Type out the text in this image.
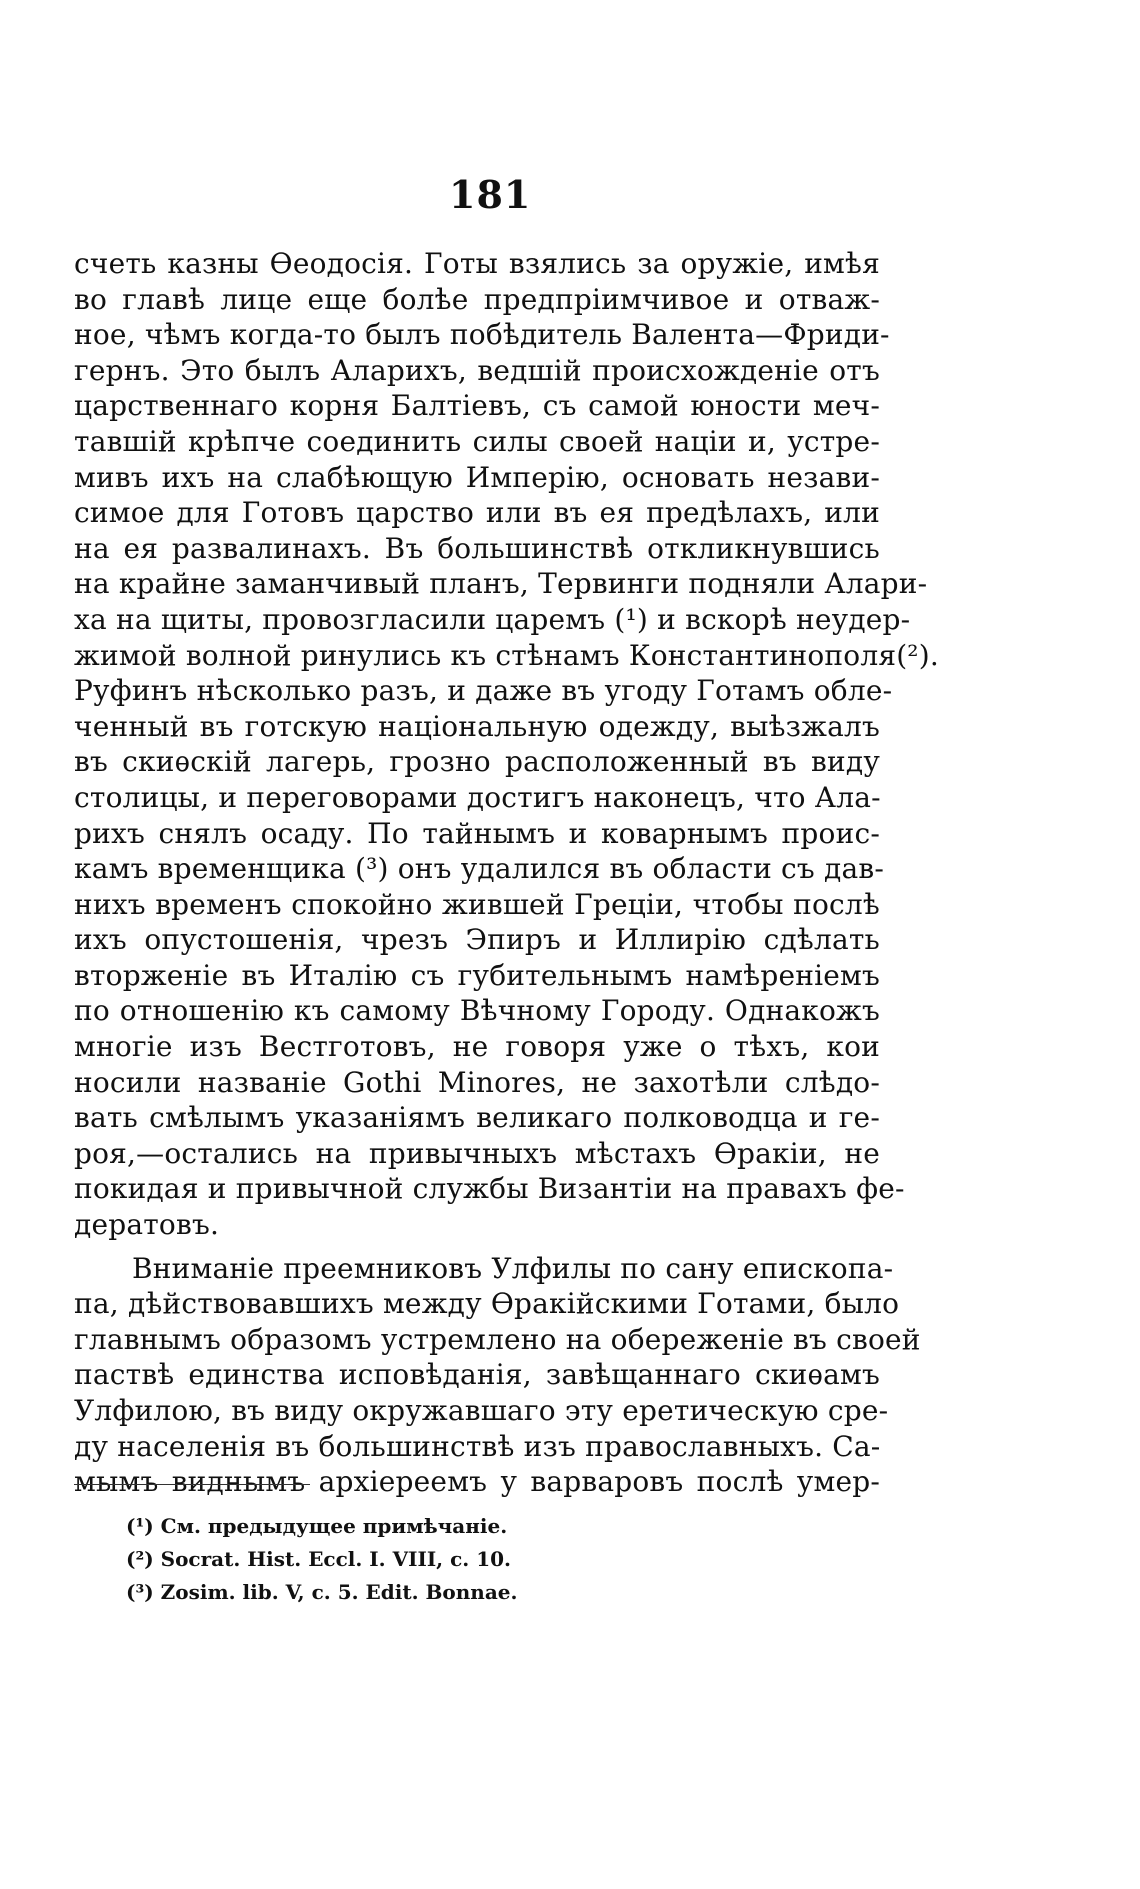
181
счеть казны Өеодосія. Готы взялись за оружіе, имѣя
во главѣ лице еще болѣе предпріимчивое и отваж-
ное, чѣмъ когда-то былъ побѣдитель Валента—Фриди-
гернъ. Это былъ Аларихъ, ведшій происхожденіе отъ
царственнаго корня Балтіевъ, съ самой юности меч-
тавшій крѣпче соединить силы своей націи и, устре-
мивъ ихъ на слабѣющую Имперію, основать незави-
симое для Готовъ царство или въ ея предѣлахъ, или
на ея развалинахъ. Въ большинствѣ откликнувшись
на крайне заманчивый планъ, Тервинги подняли Алари-
ха на щиты, провозгласили царемъ (¹) и вскорѣ неудер-
жимой волной ринулись къ стѣнамъ Константинополя(²).
Руфинъ нѣсколько разъ, и даже въ угоду Готамъ обле-
ченный въ готскую національную одежду, выѣзжалъ
въ скиѳскій лагерь, грозно расположенный въ виду
столицы, и переговорами достигъ наконецъ, что Ала-
рихъ снялъ осаду. По тайнымъ и коварнымъ проис-
камъ временщика (³) онъ удалился въ области съ дав-
нихъ временъ спокойно жившей Греціи, чтобы послѣ
ихъ опустошенія, чрезъ Эпиръ и Иллирію сдѣлать
вторженіе въ Италію съ губительнымъ намѣреніемъ
по отношенію къ самому Вѣчному Городу. Однакожъ
многіе изъ Вестготовъ, не говоря уже о тѣхъ, кои
носили названіе Gothi Minores, не захотѣли слѣдо-
вать смѣлымъ указаніямъ великаго полководца и ге-
роя,—остались на привычныхъ мѣстахъ Өракіи, не
покидая и привычной службы Византіи на правахъ фе-
дератовъ.
Вниманіе преемниковъ Улфилы по сану епископа-
па, дѣйствовавшихъ между Өракійскими Готами, было
главнымъ образомъ устремлено на обереженіе въ своей
паствѣ единства исповѣданія, завѣщаннаго скиѳамъ
Улфилою, въ виду окружавшаго эту еретическую сре-
ду населенія въ большинствѣ изъ православныхъ. Са-
мымъ виднымъ архіереемъ у варваровъ послѣ умер-
(¹) См. предыдущее примѣчаніе.
(²) Socrat. Hist. Eccl. I. VIII, c. 10.
(³) Zosim. lib. V, c. 5. Edit. Bonnae.
